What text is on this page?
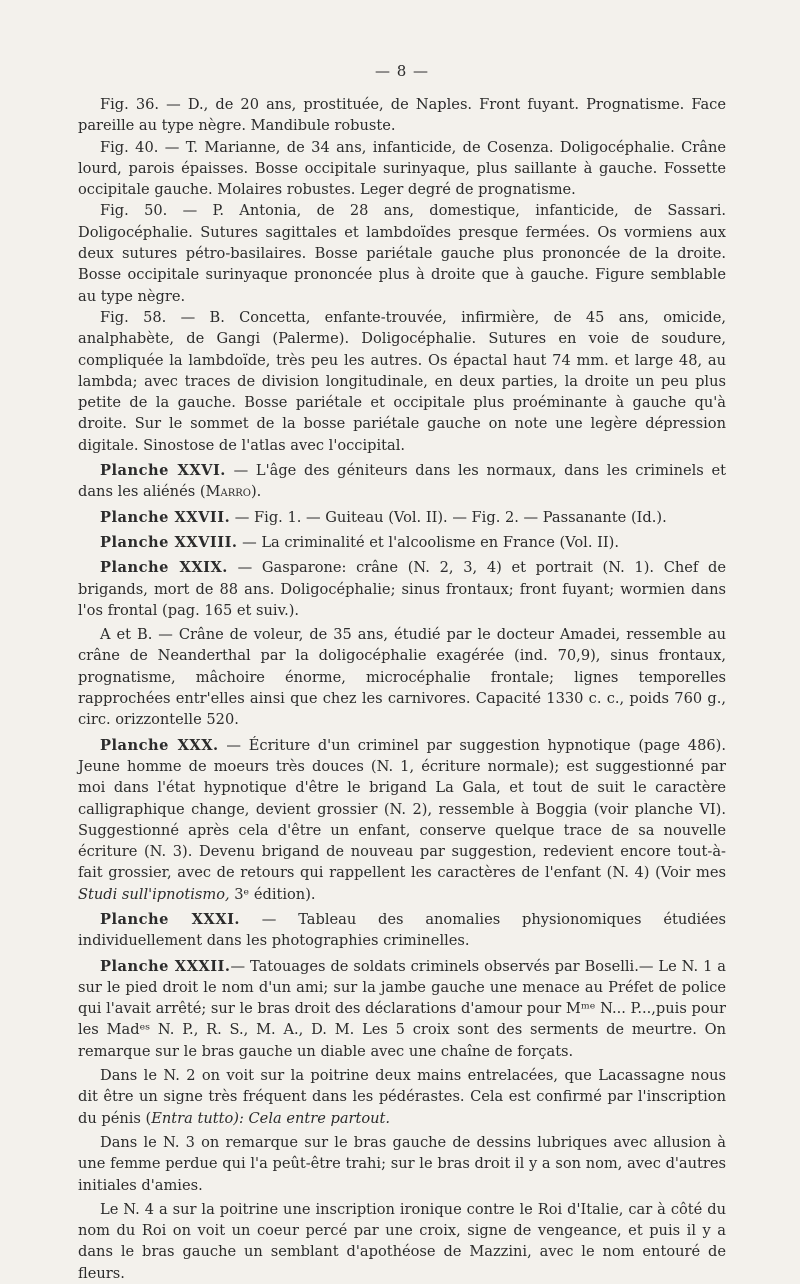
— 8 —

Fig. 36. — D., de 20 ans, prostituée, de Naples. Front fuyant. Prognatisme. Face pareille au type nègre. Mandibule robuste.

Fig. 40. — T. Marianne, de 34 ans, infanticide, de Cosenza. Doligocéphalie. Crâne lourd, parois épaisses. Bosse occipitale surinyaque, plus saillante à gauche. Fossette occipitale gauche. Molaires robustes. Leger degré de prognatisme.

Fig. 50. — P. Antonia, de 28 ans, domestique, infanticide, de Sassari. Doligocéphalie. Sutures sagittales et lambdoïdes presque fermées. Os vormiens aux deux sutures pétro-basilaires. Bosse pariétale gauche plus prononcée de la droite. Bosse occipitale surinyaque prononcée plus à droite que à gauche. Figure semblable au type nègre.

Fig. 58. — B. Concetta, enfante-trouvée, infirmière, de 45 ans, omicide, analphabète, de Gangi (Palerme). Doligocéphalie. Sutures en voie de soudure, compliquée la lambdoïde, très peu les autres. Os épactal haut 74 mm. et large 48, au lambda; avec traces de division longitudinale, en deux parties, la droite un peu plus petite de la gauche. Bosse pariétale et occipitale plus proéminante à gauche qu'à droite. Sur le sommet de la bosse pariétale gauche on note une legère dépression digitale. Sinostose de l'atlas avec l'occipital.

Planche XXVI. — L'âge des géniteurs dans les normaux, dans les criminels et dans les aliénés (Marro).

Planche XXVII. — Fig. 1. — Guiteau (Vol. II). — Fig. 2. — Passanante (Id.).

Planche XXVIII. — La criminalité et l'alcoolisme en France (Vol. II).

Planche XXIX. — Gasparone: crâne (N. 2, 3, 4) et portrait (N. 1). Chef de brigands, mort de 88 ans. Doligocéphalie; sinus frontaux; front fuyant; wormien dans l'os frontal (pag. 165 et suiv.).

A et B. — Crâne de voleur, de 35 ans, étudié par le docteur Amadei, ressemble au crâne de Neanderthal par la doligocéphalie exagérée (ind. 70,9), sinus frontaux, prognatisme, mâchoire énorme, microcéphalie frontale; lignes temporelles rapprochées entr'elles ainsi que chez les carnivores. Capacité 1330 c. c., poids 760 g., circ. orizzontelle 520.

Planche XXX. — Écriture d'un criminel par suggestion hypnotique (page 486). Jeune homme de moeurs très douces (N. 1, écriture normale); est suggestionné par moi dans l'état hypnotique d'être le brigand La Gala, et tout de suit le caractère calligraphique change, devient grossier (N. 2), ressemble à Boggia (voir planche VI). Suggestionné après cela d'être un enfant, conserve quelque trace de sa nouvelle écriture (N. 3). Devenu brigand de nouveau par suggestion, redevient encore tout-à-fait grossier, avec de retours qui rappellent les caractères de l'enfant (N. 4) (Voir mes Studi sull'ipnotismo, 3ᵉ édition).

Planche XXXI. — Tableau des anomalies physionomiques étudiées individuellement dans les photographies criminelles.

Planche XXXII.— Tatouages de soldats criminels observés par Boselli.— Le N. 1 a sur le pied droit le nom d'un ami; sur la jambe gauche une menace au Préfet de police qui l'avait arrêté; sur le bras droit des déclarations d'amour pour Mᵐᵉ N... P...,puis pour les Madᵉˢ N. P., R. S., M. A., D. M. Les 5 croix sont des serments de meurtre. On remarque sur le bras gauche un diable avec une chaîne de forçats.

Dans le N. 2 on voit sur la poitrine deux mains entrelacées, que Lacassagne nous dit être un signe très fréquent dans les pédérastes. Cela est confirmé par l'inscription du pénis (Entra tutto): Cela entre partout.

Dans le N. 3 on remarque sur le bras gauche de dessins lubriques avec allusion à une femme perdue qui l'a peût-être trahi; sur le bras droit il y a son nom, avec d'autres initiales d'amies.

Le N. 4 a sur la poitrine une inscription ironique contre le Roi d'Italie, car à côté du nom du Roi on voit un coeur percé par une croix, signe de vengeance, et puis il y a dans le bras gauche un semblant d'apothéose de Mazzini, avec le nom entouré de fleurs.
